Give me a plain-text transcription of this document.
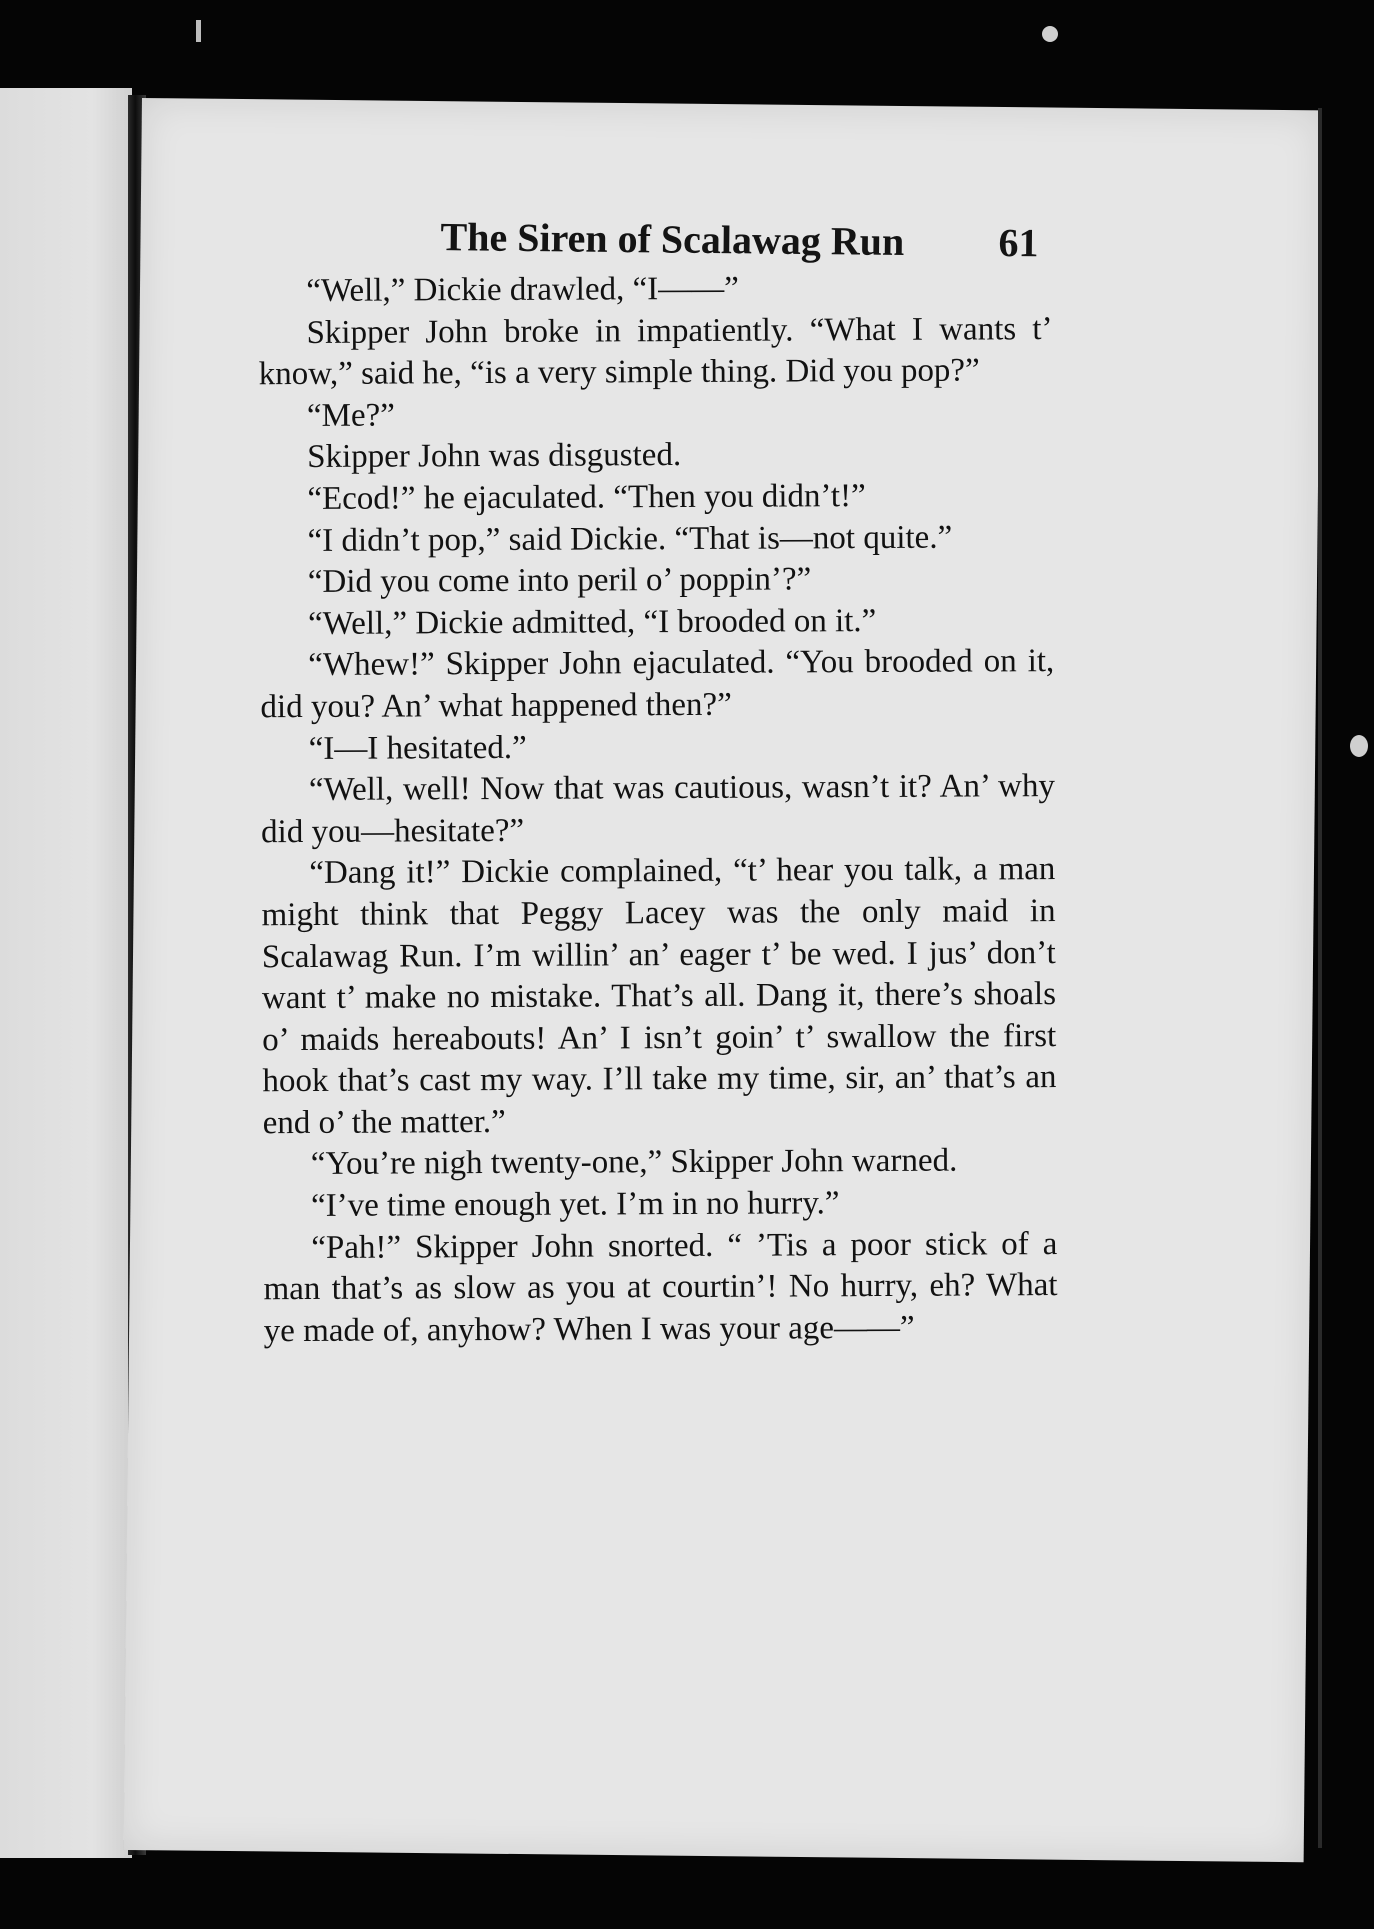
The Siren of Scalawag Run 61

“Well,” Dickie drawled, “I——”

Skipper John broke in impatiently. “What I wants t’ know,” said he, “is a very simple thing. Did you pop?”

“Me?”

Skipper John was disgusted.

“Ecod!” he ejaculated. “Then you didn’t!”

“I didn’t pop,” said Dickie. “That is—not quite.”

“Did you come into peril o’ poppin’?”

“Well,” Dickie admitted, “I brooded on it.”

“Whew!” Skipper John ejaculated. “You brooded on it, did you? An’ what happened then?”

“I—I hesitated.”

“Well, well! Now that was cautious, wasn’t it? An’ why did you—hesitate?”

“Dang it!” Dickie complained, “t’ hear you talk, a man might think that Peggy Lacey was the only maid in Scalawag Run. I’m willin’ an’ eager t’ be wed. I jus’ don’t want t’ make no mistake. That’s all. Dang it, there’s shoals o’ maids hereabouts! An’ I isn’t goin’ t’ swallow the first hook that’s cast my way. I’ll take my time, sir, an’ that’s an end o’ the matter.”

“You’re nigh twenty-one,” Skipper John warned.

“I’ve time enough yet. I’m in no hurry.”

“Pah!” Skipper John snorted. “ ’Tis a poor stick of a man that’s as slow as you at courtin’! No hurry, eh? What ye made of, anyhow? When I was your age——”
